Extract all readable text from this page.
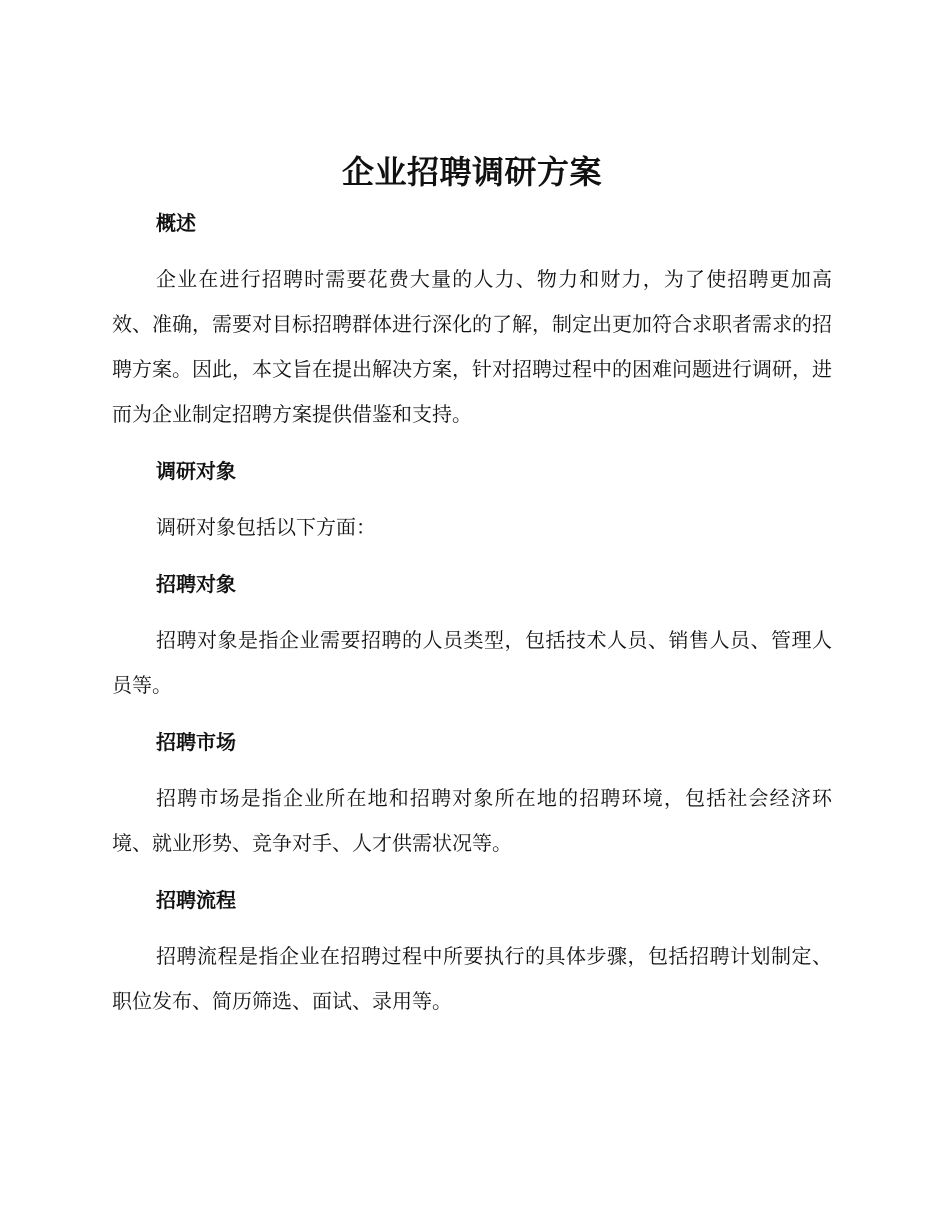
企业招聘调研方案
概述

企业在进行招聘时需要花费大量的人力、物力和财力，为了使招聘更加高效、准确，需要对目标招聘群体进行深化的了解，制定出更加符合求职者需求的招聘方案。因此，本文旨在提出解决方案，针对招聘过程中的困难问题进行调研，进而为企业制定招聘方案提供借鉴和支持。

调研对象

调研对象包括以下方面：

招聘对象

招聘对象是指企业需要招聘的人员类型，包括技术人员、销售人员、管理人员等。

招聘市场

招聘市场是指企业所在地和招聘对象所在地的招聘环境，包括社会经济环境、就业形势、竞争对手、人才供需状况等。

招聘流程

招聘流程是指企业在招聘过程中所要执行的具体步骤，包括招聘计划制定、职位发布、简历筛选、面试、录用等。
